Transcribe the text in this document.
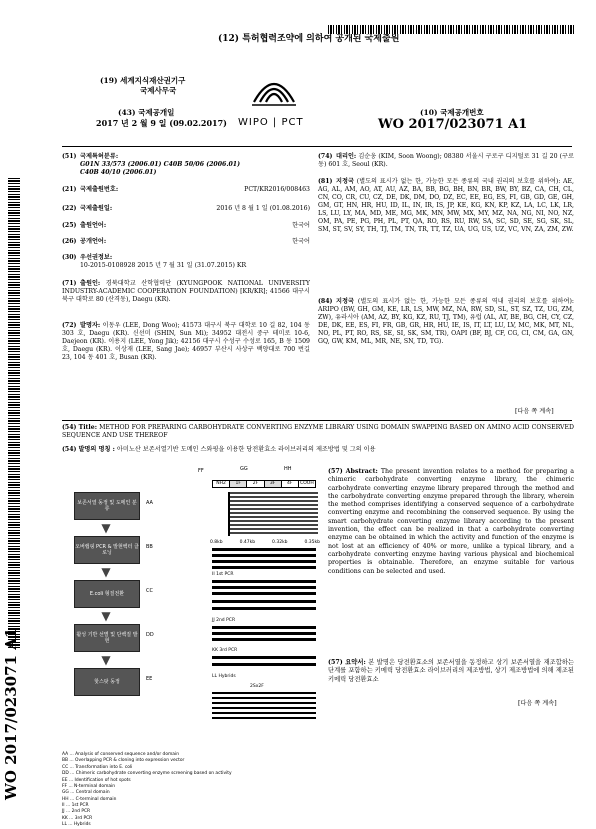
(12) 특허협력조약에 의하여 공개된 국제출원
(19) 세계지식재산권기구
국제사무국
(43) 국제공개일
2017 년 2 월 9 일 (09.02.2017) WIPO | PCT
(10) 국제공개번호
WO 2017/023071 A1
WO 2017/023071 A1
(51) 국제특허분류:
G01N 33/573 (2006.01) C40B 50/06 (2006.01)
C40B 40/10 (2006.01)
(21) 국제출원번호:	PCT/KR2016/008463
(22) 국제출원일:	2016 년 8 월 1 일 (01.08.2016)
(25) 출원언어:	한국어
(26) 공개언어:	한국어
(30) 우선권정보:
10-2015-0108928 2015 년 7 월 31 일 (31.07.2015) KR
(71) 출원인: 경북대학교 산학협력단 (KYUNGPOOK NATIONAL UNIVERSITY INDUSTRY-ACADEMIC COOPERATION FOUNDATION) [KR/KR]; 41566 대구시 북구 대학로 80 (산격동), Daegu (KR).
(72) 발명자: 이동우 (LEE, Dong Woo); 41573 대구시 북구 대학로 10 길 82, 104 동 303 호, Daegu (KR). 신선미 (SHIN, Sun Mi); 34952 대전시 중구 테미로 10-6, Daejeon (KR). 이용지 (LEE, Yong Jik); 42156 대구시 수성구 수성로 165, B 동 1509 호, Daegu (KR). 이상재 (LEE, Sang Jae); 46957 부산시 사상구 백양대로 700 번길 23, 104 동 401 호, Busan (KR).
(74) 대리인: 김순웅 (KIM, Soon Woong); 08380 서울시 구로구 디지털로 31 길 20 (구로동) 601 호, Seoul (KR).
(81) 지정국 (별도의 표시가 없는 한, 가능한 모든 종류의 국내 권리의 보호를 위하여): AE, AG, AL, AM, AO, AT, AU, AZ, BA, BB, BG, BH, BN, BR, BW, BY, BZ, CA, CH, CL, CN, CO, CR, CU, CZ, DE, DK, DM, DO, DZ, EC, EE, EG, ES, FI, GB, GD, GE, GH, GM, GT, HN, HR, HU, ID, IL, IN, IR, IS, JP, KE, KG, KN, KP, KZ, LA, LC, LK, LR, LS, LU, LY, MA, MD, ME, MG, MK, MN, MW, MX, MY, MZ, NA, NG, NI, NO, NZ, OM, PA, PE, PG, PH, PL, PT, QA, RO, RS, RU, RW, SA, SC, SD, SE, SG, SK, SL, SM, ST, SV, SY, TH, TJ, TM, TN, TR, TT, TZ, UA, UG, US, UZ, VC, VN, ZA, ZM, ZW.
(84) 지정국 (별도의 표시가 없는 한, 가능한 모든 종류의 역내 권리의 보호를 위하여): ARIPO (BW, GH, GM, KE, LR, LS, MW, MZ, NA, RW, SD, SL, ST, SZ, TZ, UG, ZM, ZW), 유라시아 (AM, AZ, BY, KG, KZ, RU, TJ, TM), 유럽 (AL, AT, BE, BG, CH, CY, CZ, DE, DK, EE, ES, FI, FR, GB, GR, HR, HU, IE, IS, IT, LT, LU, LV, MC, MK, MT, NL, NO, PL, PT, RO, RS, SE, SI, SK, SM, TR), OAPI (BF, BJ, CF, CG, CI, CM, GA, GN, GQ, GW, KM, ML, MR, NE, SN, TD, TG).
[다음 쪽 계속]
(54) Title: METHOD FOR PREPARING CARBOHYDRATE CONVERTING ENZYME LIBRARY USING DOMAIN SWAPPING BASED ON AMINO ACID CONSERVED SEQUENCE AND USE THEREOF
(54) 발명의 명칭 : 아미노산 보존서열기반 도메인 스와핑을 이용한 당전환효소 라이브러리의 제조방법 및 그의 이용
FF	GG	HH
NH2	1F	2F	3F	4F	COOH
0.8kb	0.47kb	0.32kb	0.35kb
II 1st PCR
JJ 2nd PCR
KK 3rd PCR
LL Hybrids
2Sx2F
보존서열 동정 및 도메인 분류
AA
▼
오버랩핑 PCR & 발현벡터 클로닝
BB
▼
E.coli 형질전환	CC
▼
활성 기반 선별 및 단백질 발현
DD
▼
핫스팟 동정	EE
AA ... Analysis of conserved sequence and/or domain
BB ... Overlapping PCR & cloning into expression vector
CC ... Transformation into E. coli
DD ... Chimeric carbohydrate converting enzyme screening based on activity
EE ... Identification of hot spots
FF ... N-terminal domain
GG ... Central domain
HH ... C-terminal domain
II ... 1st PCR
JJ ... 2nd PCR
KK ... 3rd PCR
LL ... Hybrids
(57) Abstract: The present invention relates to a method for preparing a chimeric carbohydrate converting enzyme library, the chimeric carbohydrate converting enzyme library prepared through the method and the carbohydrate converting enzyme prepared through the library, wherein the method comprises identifying a conserved sequence of a carbohydrate converting enzyme and recombining the conserved sequence. By using the smart carbohydrate converting enzyme library according to the present invention, the effect can be realized in that a carbohydrate converting enzyme can be obtained in which the activity and function of the enzyme is not lost at an efficiency of 40% or more, unlike a typical library, and a carbohydrate converting enzyme having various physical and biochemical properties is obtainable. Therefore, an enzyme suitable for various conditions can be selected and used.
(57) 요약서: 본 발명은 당전환효소의 보존서열을 동정하고 상기 보존서열을 재조합하는 단계를 포함하는 키메릭 당전환효소 라이브러리의 제조방법, 상기 제조방법에 의해 제조된 키메릭 당전환효소
[다음 쪽 계속]
